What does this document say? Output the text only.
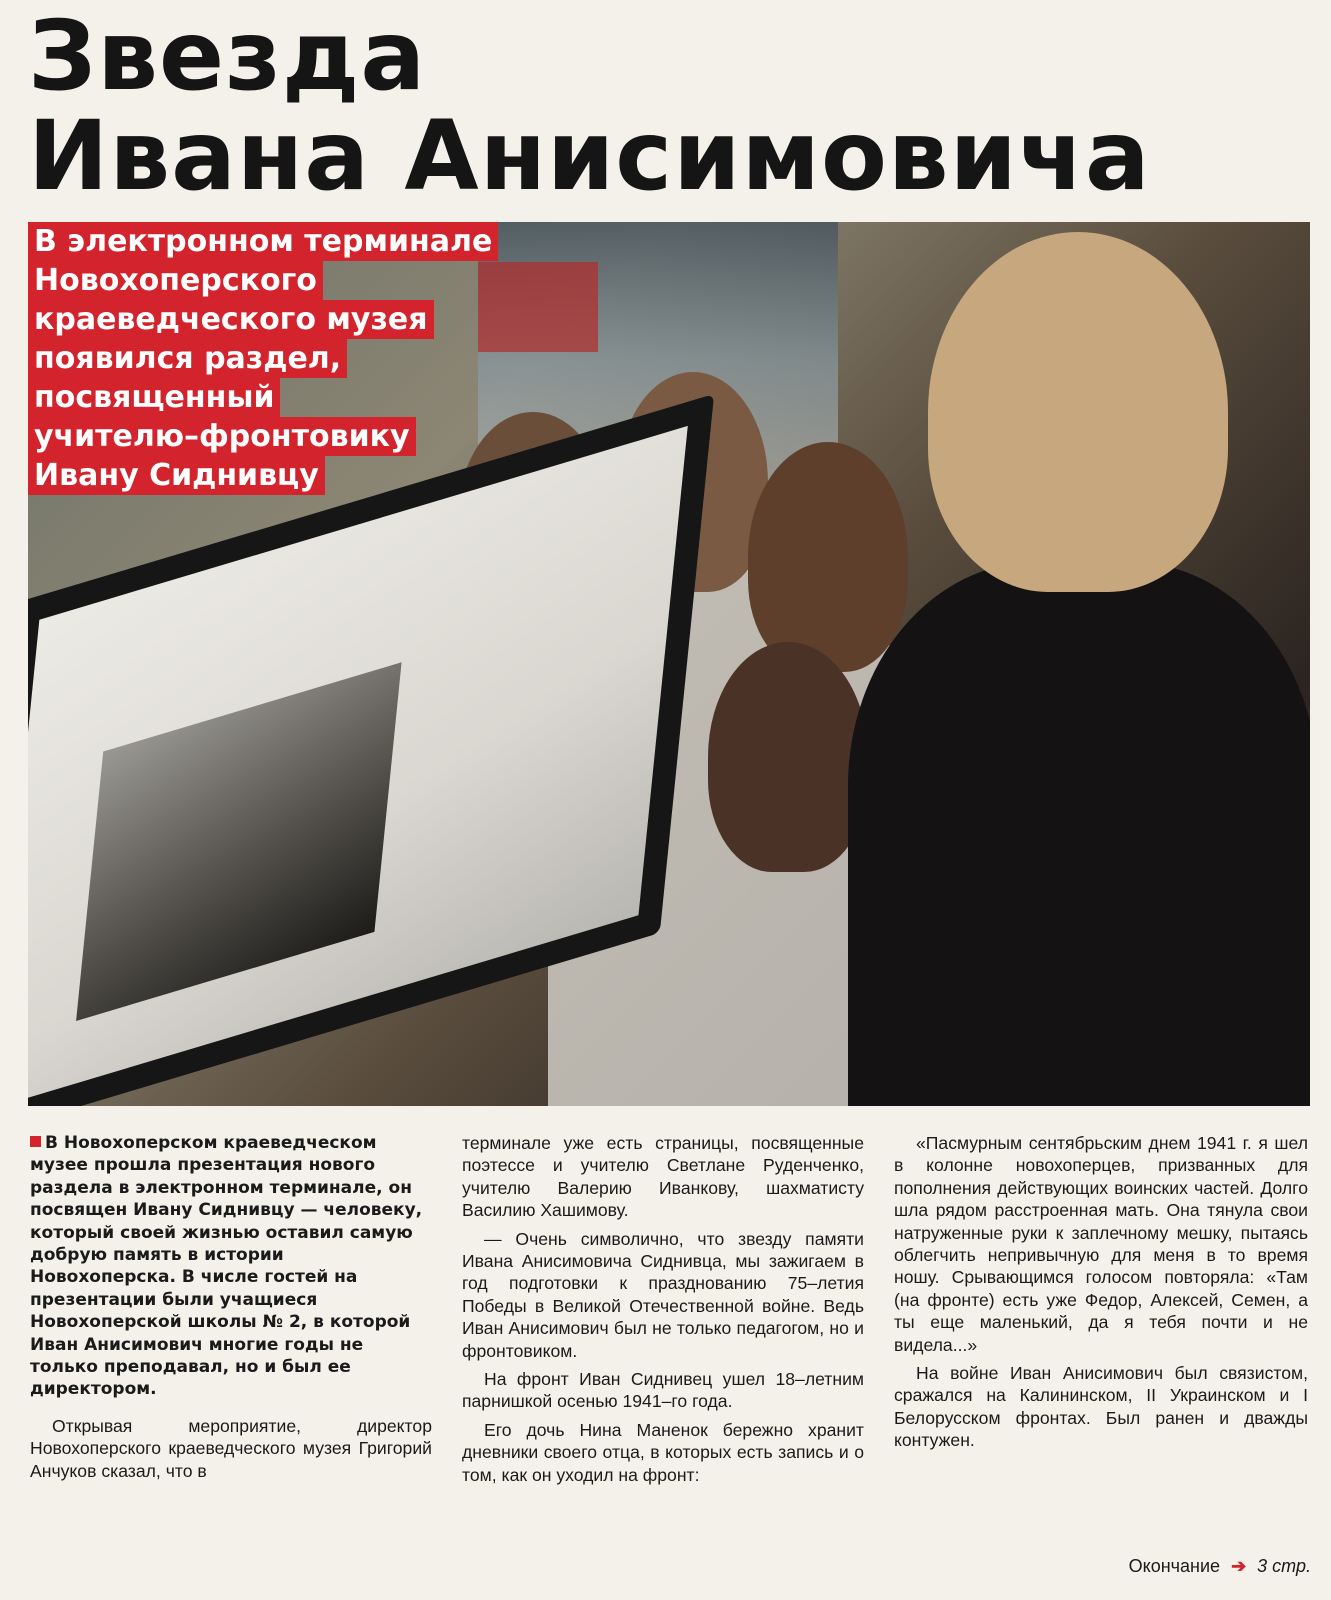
Звезда
Ивана Анисимовича
В электронном терминале
Новохоперского
краеведческого музея
появился раздел,
посвященный
учителю–фронтовику
Ивану Сиднивцу

В Новохоперском краеведческом музее прошла презентация нового раздела в электронном терминале, он посвящен Ивану Сиднивцу — человеку, который своей жизнью оставил самую добрую память в истории Новохоперска. В числе гостей на презентации были учащиеся Новохоперской школы № 2, в которой Иван Анисимович многие годы не только преподавал, но и был ее директором.

Открывая мероприятие, директор Новохоперского краеведческого музея Григорий Анчуков сказал, что в

терминале уже есть страницы, посвященные поэтессе и учителю Светлане Руденченко, учителю Валерию Иванкову, шахматисту Василию Хашимову.

— Очень символично, что звезду памяти Ивана Анисимовича Сиднивца, мы зажигаем в год подготовки к празднованию 75–летия Победы в Великой Отечественной войне. Ведь Иван Анисимович был не только педагогом, но и фронтовиком.

На фронт Иван Сиднивец ушел 18–летним парнишкой осенью 1941–го года.

Его дочь Нина Маненок бережно хранит дневники своего отца, в которых есть запись и о том, как он уходил на фронт:

«Пасмурным сентябрьским днем 1941 г. я шел в колонне новохоперцев, призванных для пополнения действующих воинских частей. Долго шла рядом расстроенная мать. Она тянула свои натруженные руки к заплечному мешку, пытаясь облегчить непривычную для меня в то время ношу. Срывающимся голосом повторяла: «Там (на фронте) есть уже Федор, Алексей, Семен, а ты еще маленький, да я тебя почти и не видела...»

На войне Иван Анисимович был связистом, сражался на Калининском, II Украинском и I Белорусском фронтах. Был ранен и дважды контужен.

Окончание ➔ 3 стр.
